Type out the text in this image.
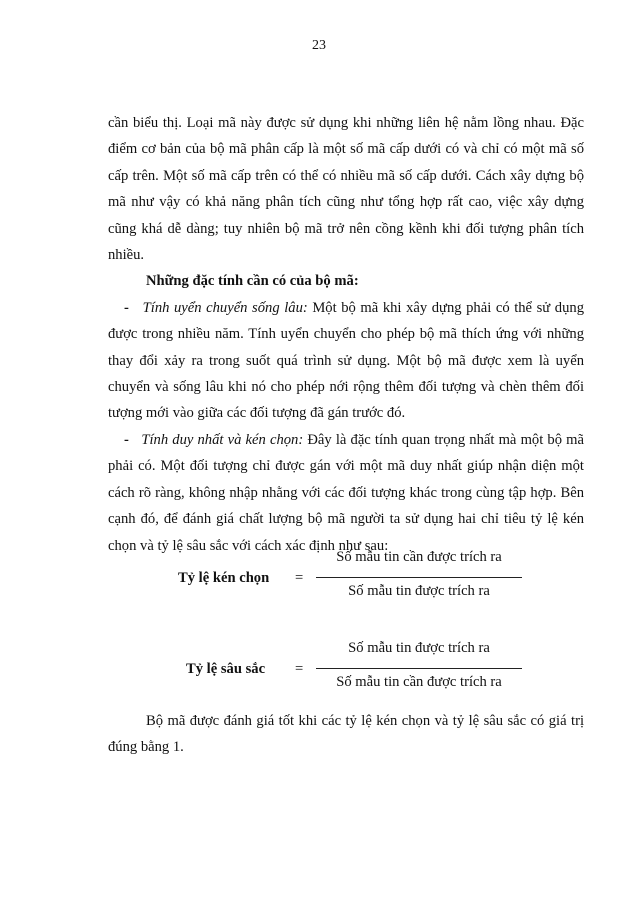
23

cần biểu thị. Loại mã này được sử dụng khi những liên hệ nằm lồng nhau. Đặc điểm cơ bản của bộ mã phân cấp là một số mã cấp dưới có và chỉ có một mã số cấp trên. Một số mã cấp trên có thể có nhiều mã số cấp dưới. Cách xây dựng bộ mã như vậy có khả năng phân tích cũng như tổng hợp rất cao, việc xây dựng cũng khá dễ dàng; tuy nhiên bộ mã trở nên cồng kềnh khi đối tượng phân tích nhiều.

Những đặc tính cần có của bộ mã:

- Tính uyển chuyển sống lâu: Một bộ mã khi xây dựng phải có thể sử dụng được trong nhiều năm. Tính uyển chuyển cho phép bộ mã thích ứng với những thay đổi xảy ra trong suốt quá trình sử dụng. Một bộ mã được xem là uyển chuyển và sống lâu khi nó cho phép nới rộng thêm đối tượng và chèn thêm đối tượng mới vào giữa các đối tượng đã gán trước đó.

- Tính duy nhất và kén chọn: Đây là đặc tính quan trọng nhất mà một bộ mã phải có. Một đối tượng chỉ được gán với một mã duy nhất giúp nhận diện một cách rõ ràng, không nhập nhằng với các đối tượng khác trong cùng tập hợp. Bên cạnh đó, để đánh giá chất lượng bộ mã người ta sử dụng hai chỉ tiêu tỷ lệ kén chọn và tỷ lệ sâu sắc với cách xác định như sau:

Tỷ lệ kén chọn =
Số mẫu tin cần được trích ra
Số mẫu tin được trích ra
Tỷ lệ sâu sắc =
Số mẫu tin được trích ra
Số mẫu tin cần được trích ra

Bộ mã được đánh giá tốt khi các tỷ lệ kén chọn và tỷ lệ sâu sắc có giá trị đúng bằng 1.
